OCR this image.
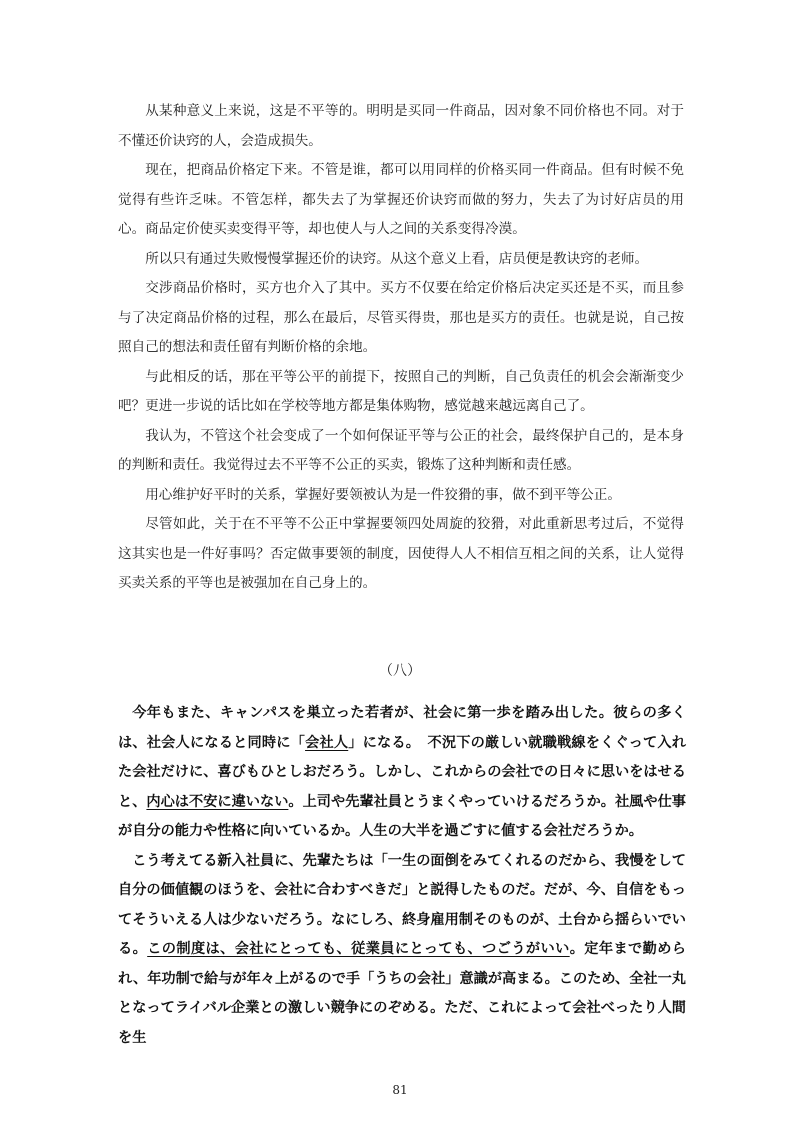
从某种意义上来说，这是不平等的。明明是买同一件商品，因对象不同价格也不同。对于不懂还价诀窍的人，会造成损失。

现在，把商品价格定下来。不管是谁，都可以用同样的价格买同一件商品。但有时候不免觉得有些许乏味。不管怎样，都失去了为掌握还价诀窍而做的努力，失去了为讨好店员的用心。商品定价使买卖变得平等，却也使人与人之间的关系变得冷漠。

所以只有通过失败慢慢掌握还价的诀窍。从这个意义上看，店员便是教诀窍的老师。

交涉商品价格时，买方也介入了其中。买方不仅要在给定价格后决定买还是不买，而且参与了决定商品价格的过程，那么在最后，尽管买得贵，那也是买方的责任。也就是说，自己按照自己的想法和责任留有判断价格的余地。

与此相反的话，那在平等公平的前提下，按照自己的判断，自己负责任的机会会渐渐变少吧？更进一步说的话比如在学校等地方都是集体购物，感觉越来越远离自己了。

我认为，不管这个社会变成了一个如何保证平等与公正的社会，最终保护自己的，是本身的判断和责任。我觉得过去不平等不公正的买卖，锻炼了这种判断和责任感。

用心维护好平时的关系，掌握好要领被认为是一件狡猾的事，做不到平等公正。

尽管如此，关于在不平等不公正中掌握要领四处周旋的狡猾，对此重新思考过后，不觉得这其实也是一件好事吗？否定做事要领的制度，因使得人人不相信互相之间的关系，让人觉得买卖关系的平等也是被强加在自己身上的。

（八）

今年もまた、キャンパスを巣立った若者が、社会に第一歩を踏み出した。彼らの多くは、社会人になると同時に「会社人」になる。　不況下の厳しい就職戦線をくぐって入れた会社だけに、喜びもひとしおだろう。しかし、これからの会社での日々に思いをはせると、内心は不安に違いない。上司や先輩社員とうまくやっていけるだろうか。社風や仕事が自分の能力や性格に向いているか。人生の大半を過ごすに値する会社だろうか。

こう考えてる新入社員に、先輩たちは「一生の面倒をみてくれるのだから、我慢をして自分の価値観のほうを、会社に合わすべきだ」と説得したものだ。だが、今、自信をもってそういえる人は少ないだろう。なにしろ、終身雇用制そのものが、土台から揺らいでいる。この制度は、会社にとっても、従業員にとっても、つごうがいい。定年まで勤められ、年功制で給与が年々上がるので手「うちの会社」意識が高まる。このため、全社一丸となってライバル企業との激しい競争にのぞめる。ただ、これによって会社べったり人間を生

81
